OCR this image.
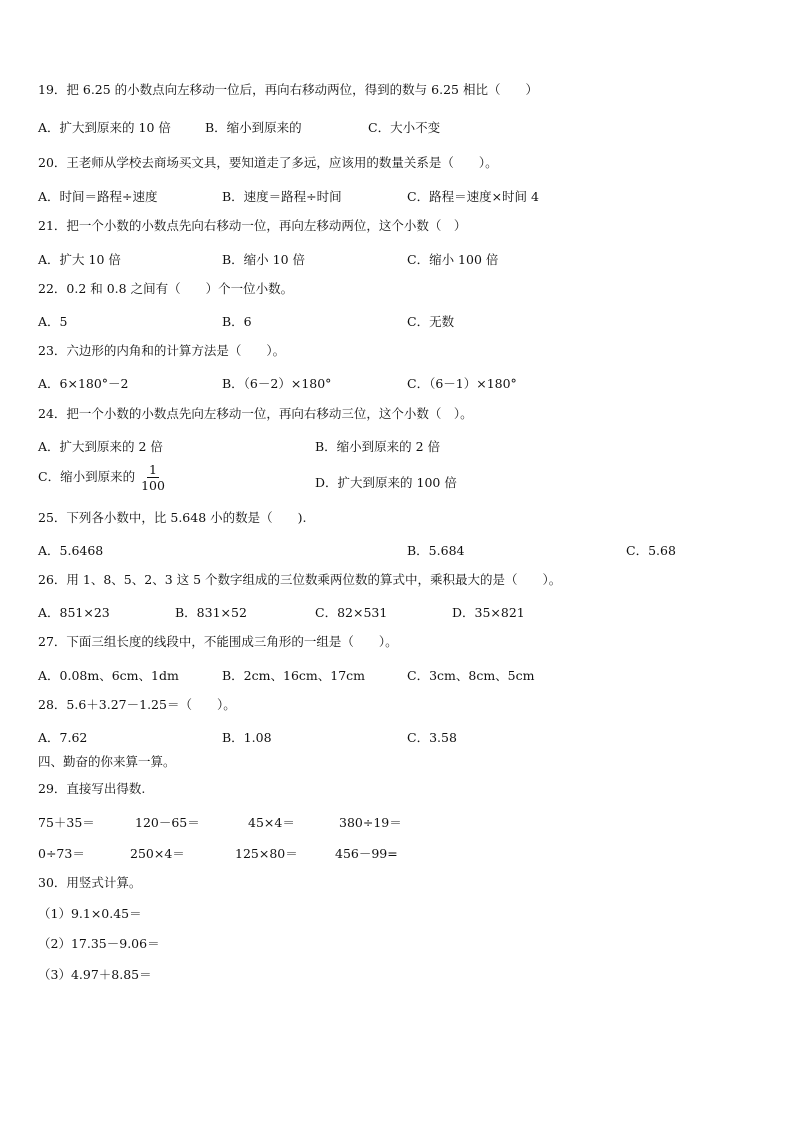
19．把 6.25 的小数点向左移动一位后，再向右移动两位，得到的数与 6.25 相比（　　）
A．扩大到原来的 10 倍	B．缩小到原来的	C．大小不变
20．王老师从学校去商场买文具，要知道走了多远，应该用的数量关系是（　　）。
A．时间＝路程÷速度	B．速度＝路程÷时间	C．路程＝速度×时间 4
21．把一个小数的小数点先向右移动一位，再向左移动两位，这个小数（　）
A．扩大 10 倍	B．缩小 10 倍	C．缩小 100 倍
22．0.2 和 0.8 之间有（　　）个一位小数。
A．5	B．6	C．无数
23．六边形的内角和的计算方法是（　　）。
A．6×180°－2	B．（6－2）×180°	C．（6－1）×180°
24．把一个小数的小数点先向左移动一位，再向右移动三位，这个小数（　）。
A．扩大到原来的 2 倍	B．缩小到原来的 2 倍
C．缩小到原来的 $\frac{1}{100}$	D．扩大到原来的 100 倍
25．下列各小数中，比 5.648 小的数是（　　).
A．5.6468	B．5.684	C．5.68
26．用 1、8、5、2、3 这 5 个数字组成的三位数乘两位数的算式中，乘积最大的是（　　）。
A．851×23	B．831×52	C．82×531	D．35×821
27．下面三组长度的线段中，不能围成三角形的一组是（　　）。
A．0.08m、6cm、1dm	B．2cm、16cm、17cm	C．3cm、8cm、5cm
28．5.6＋3.27－1.25＝（　　）。
A．7.62	B．1.08	C．3.58
四、勤奋的你来算一算。
29．直接写出得数.
75＋35＝	120－65＝	45×4＝	380÷19＝
0÷73＝	250×4＝	125×80＝	456－99=
30．用竖式计算。
（1）9.1×0.45＝
（2）17.35－9.06＝
（3）4.97＋8.85＝
